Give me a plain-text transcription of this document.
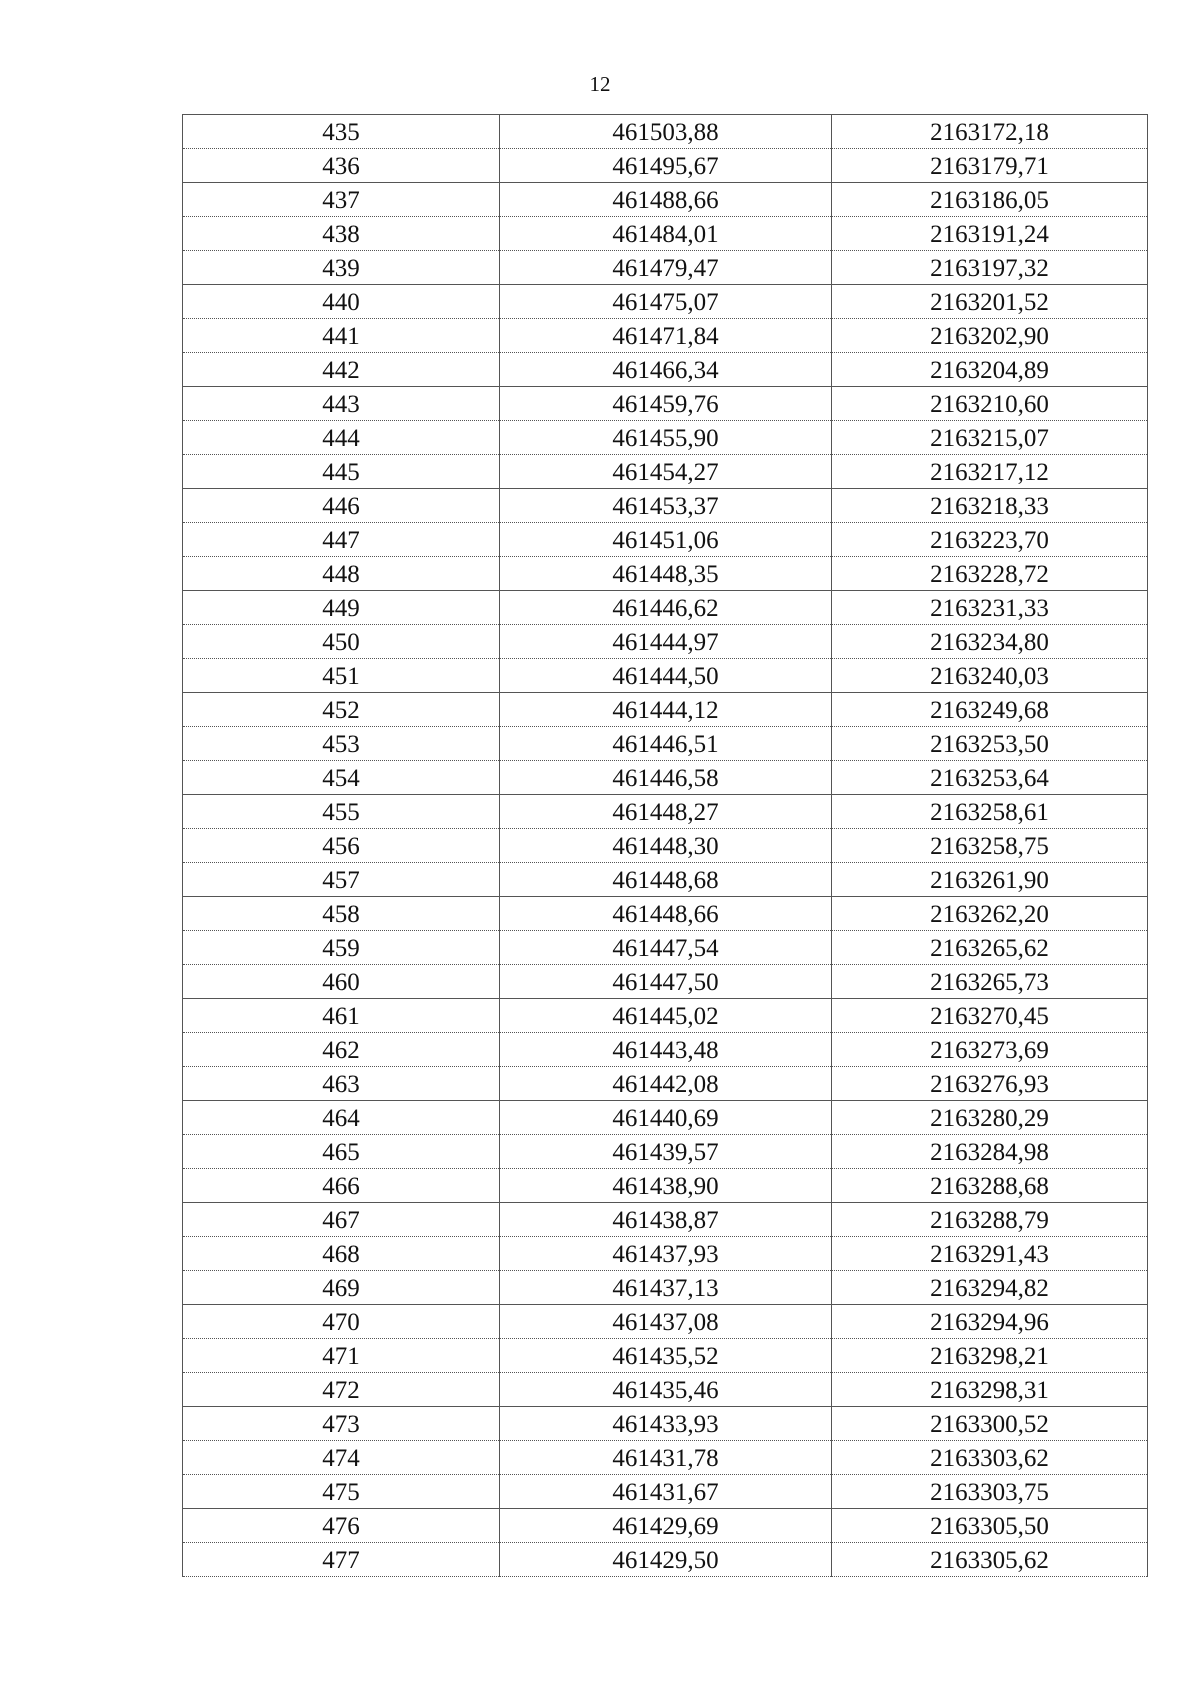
12
435	461503,88	2163172,18
436	461495,67	2163179,71
437	461488,66	2163186,05
438	461484,01	2163191,24
439	461479,47	2163197,32
440	461475,07	2163201,52
441	461471,84	2163202,90
442	461466,34	2163204,89
443	461459,76	2163210,60
444	461455,90	2163215,07
445	461454,27	2163217,12
446	461453,37	2163218,33
447	461451,06	2163223,70
448	461448,35	2163228,72
449	461446,62	2163231,33
450	461444,97	2163234,80
451	461444,50	2163240,03
452	461444,12	2163249,68
453	461446,51	2163253,50
454	461446,58	2163253,64
455	461448,27	2163258,61
456	461448,30	2163258,75
457	461448,68	2163261,90
458	461448,66	2163262,20
459	461447,54	2163265,62
460	461447,50	2163265,73
461	461445,02	2163270,45
462	461443,48	2163273,69
463	461442,08	2163276,93
464	461440,69	2163280,29
465	461439,57	2163284,98
466	461438,90	2163288,68
467	461438,87	2163288,79
468	461437,93	2163291,43
469	461437,13	2163294,82
470	461437,08	2163294,96
471	461435,52	2163298,21
472	461435,46	2163298,31
473	461433,93	2163300,52
474	461431,78	2163303,62
475	461431,67	2163303,75
476	461429,69	2163305,50
477	461429,50	2163305,62
